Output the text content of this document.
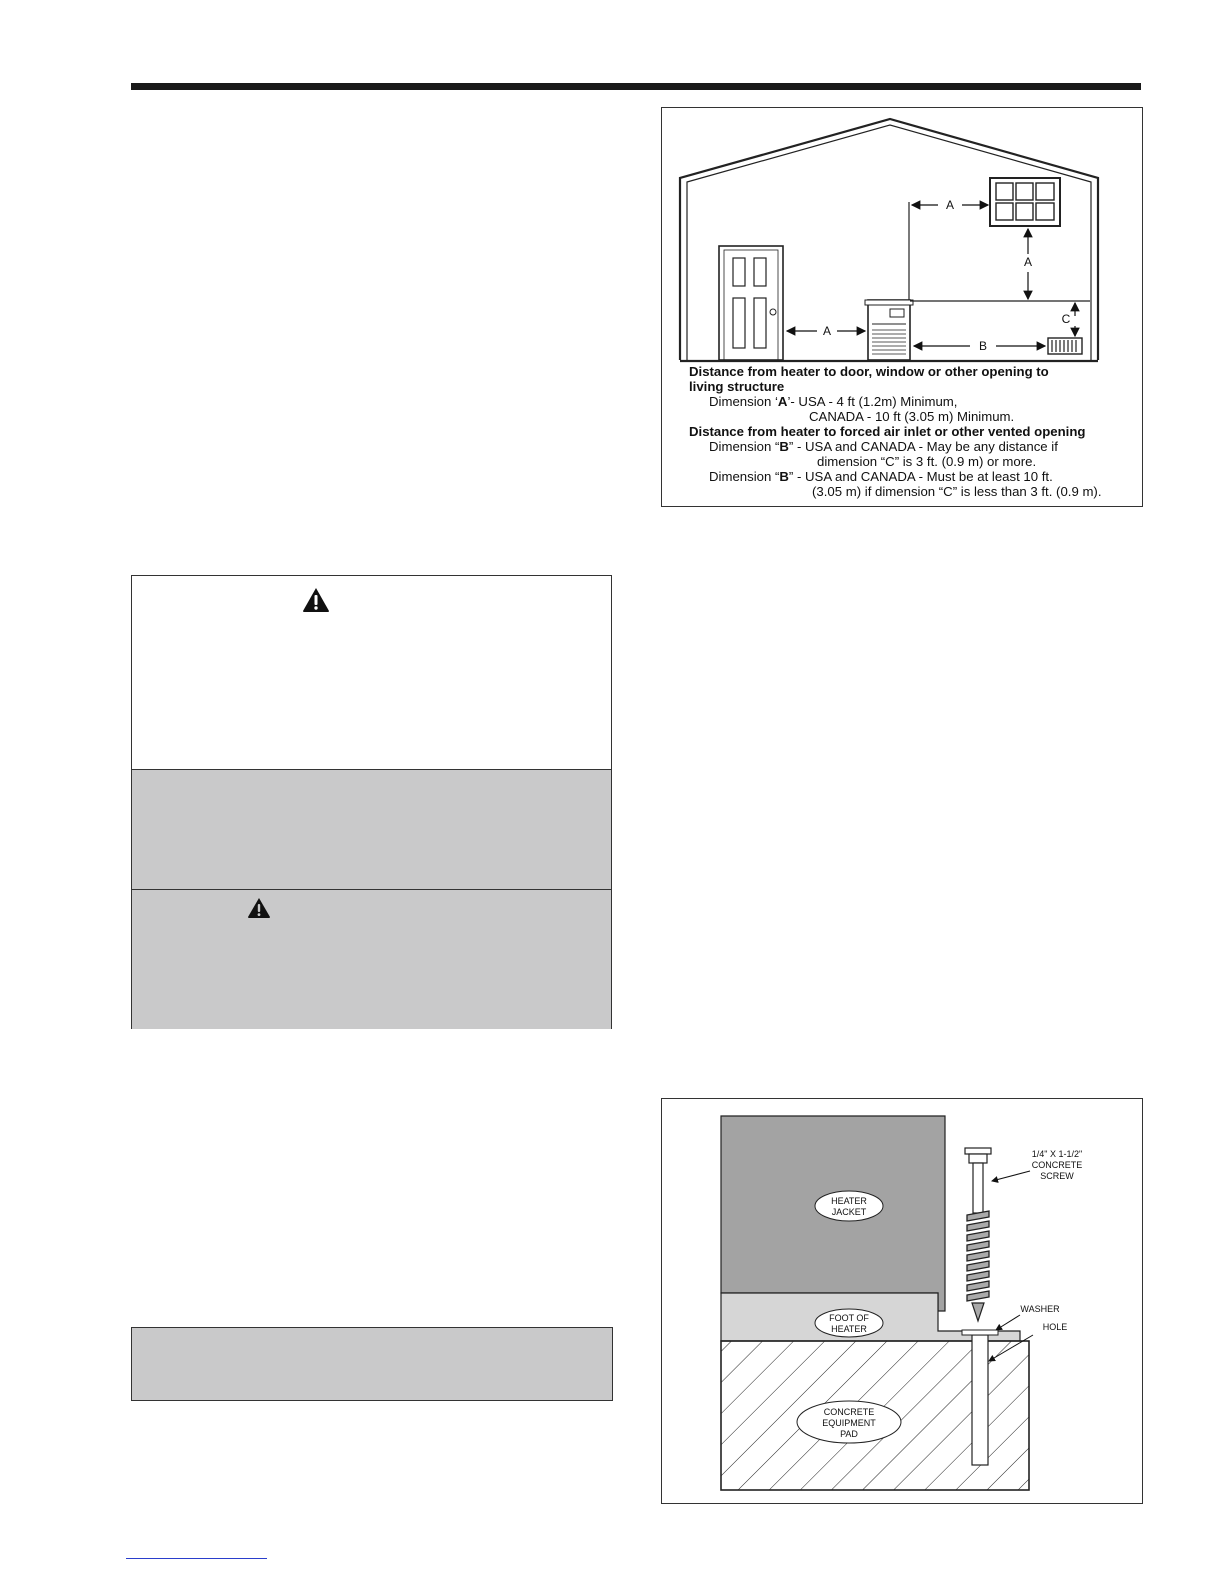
A
A
A
B
C
Distance from heater to door, window or other opening to
living structure
Dimension ‘A’- USA - 4 ft (1.2m) Minimum,
CANADA - 10 ft (3.05 m) Minimum.
Distance from heater to forced air inlet or other vented opening
Dimension “B” - USA and CANADA - May be any distance if
dimension “C” is 3 ft. (0.9 m) or more.
Dimension “B” - USA and CANADA - Must be at least 10 ft.
(3.05 m) if dimension “C” is less than 3 ft. (0.9 m).
HEATER
JACKET
FOOT OF
HEATER
CONCRETE
EQUIPMENT
PAD
1/4" X 1-1/2"
CONCRETE
SCREW
WASHER
HOLE
